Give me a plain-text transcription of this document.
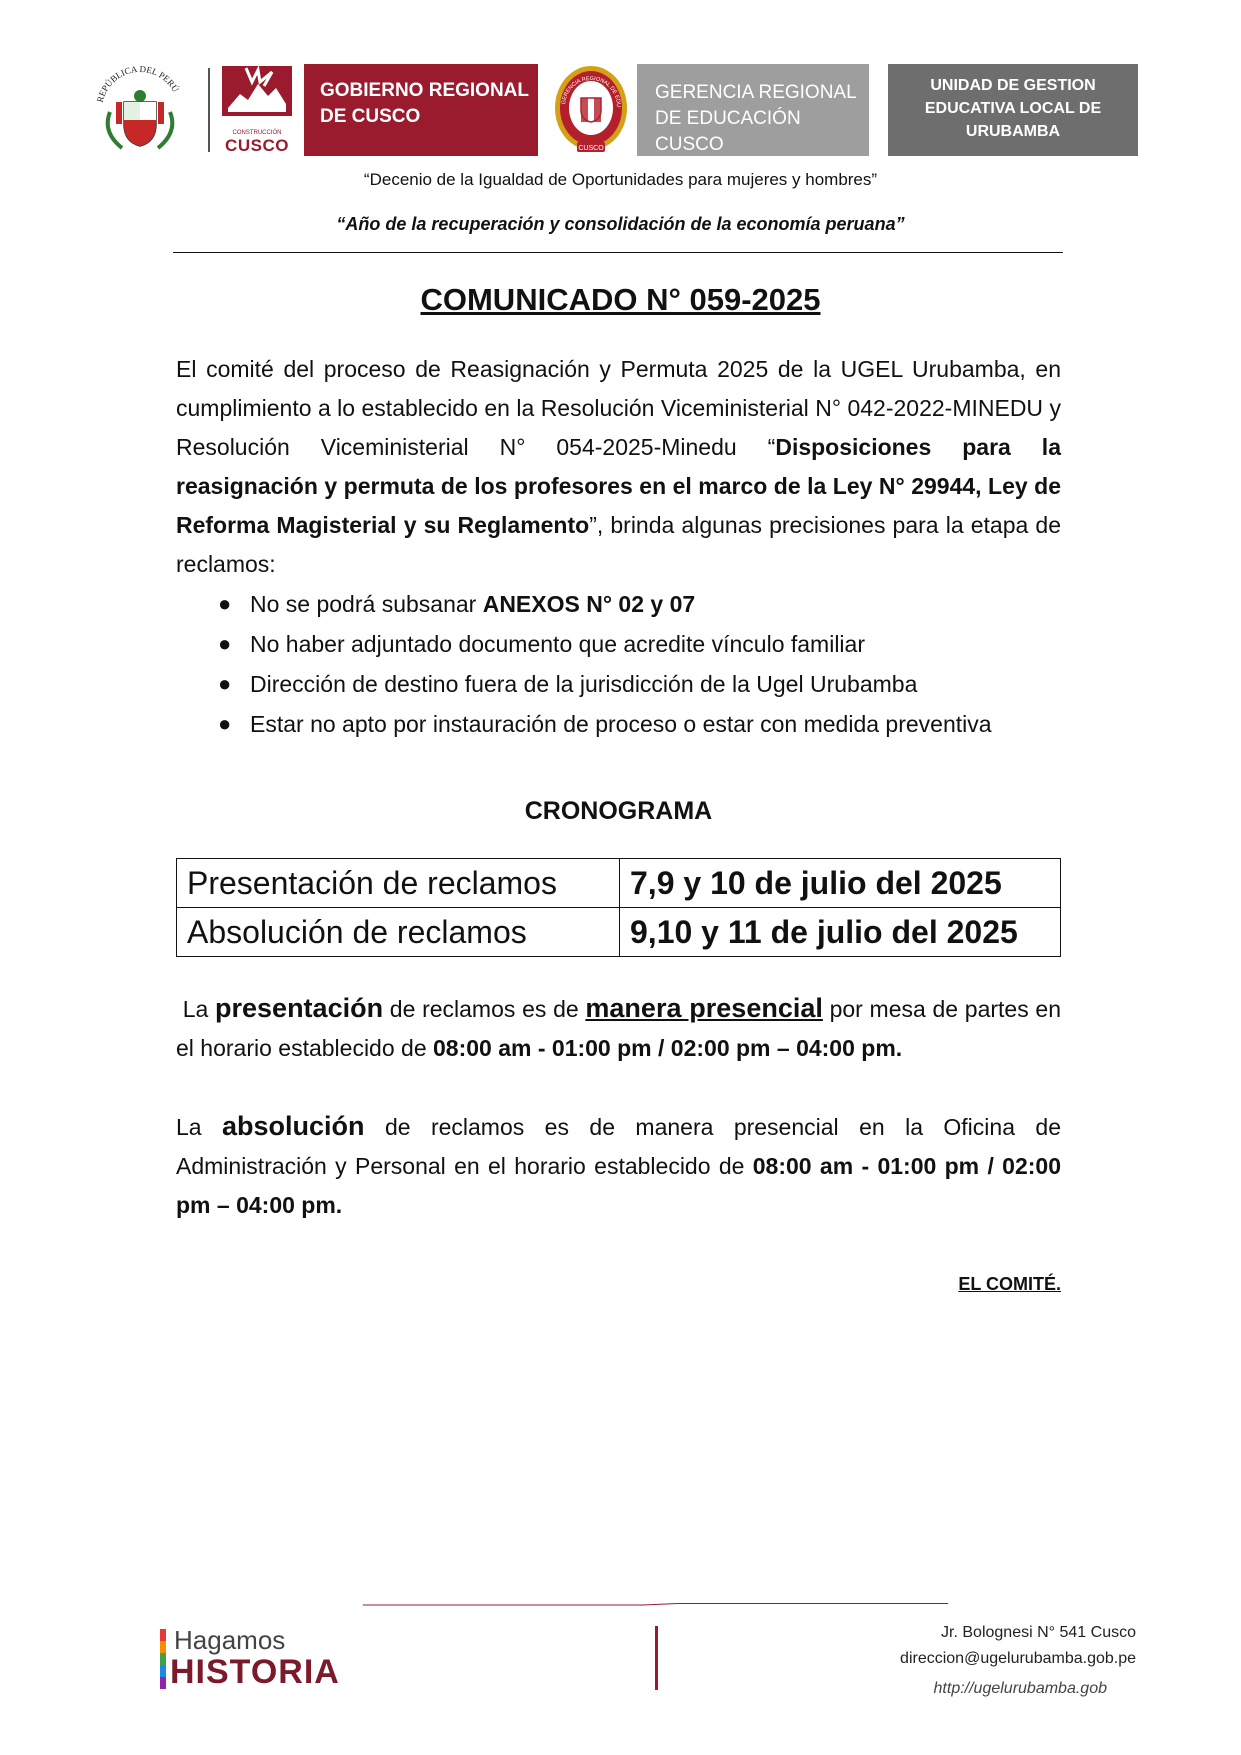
REPÚBLICA DEL PERÚ
CONSTRUCCIÓN
CUSCO
GOBIERNO REGIONAL
DE CUSCO
GERENCIA REGIONAL DE EDU
CUSCO
GERENCIA REGIONAL
DE EDUCACIÓN CUSCO
UNIDAD DE GESTION
EDUCATIVA LOCAL DE
URUBAMBA
“Decenio de la Igualdad de Oportunidades para mujeres y hombres”
“Año de la recuperación y consolidación de la economía peruana”
COMUNICADO N° 059-2025

El comité del proceso de Reasignación y Permuta 2025 de la UGEL Urubamba, en cumplimiento a lo establecido en la Resolución Viceministerial N° 042-2022-MINEDU y Resolución Viceministerial N° 054-2025-Minedu “Disposiciones para la reasignación y permuta de los profesores en el marco de la Ley N° 29944, Ley de Reforma Magisterial y su Reglamento”, brinda algunas precisiones para la etapa de reclamos:

● No se podrá subsanar ANEXOS N° 02 y 07
● No haber adjuntado documento que acredite vínculo familiar
● Dirección de destino fuera de la jurisdicción de la Ugel Urubamba
● Estar no apto por instauración de proceso o estar con medida preventiva
CRONOGRAMA
Presentación de reclamos	7,9 y 10 de julio del 2025
Absolución de reclamos	9,10 y 11 de julio del 2025

La presentación de reclamos es de manera presencial por mesa de partes en el horario establecido de 08:00 am - 01:00 pm / 02:00 pm – 04:00 pm.

La absolución de reclamos es de manera presencial en la Oficina de Administración y Personal en el horario establecido de 08:00 am - 01:00 pm / 02:00 pm – 04:00 pm.

EL COMITÉ.
Hagamos
HISTORIA
Jr. Bolognesi N° 541 Cusco
direccion@ugelurubamba.gob.pe
http://ugelurubamba.gob
